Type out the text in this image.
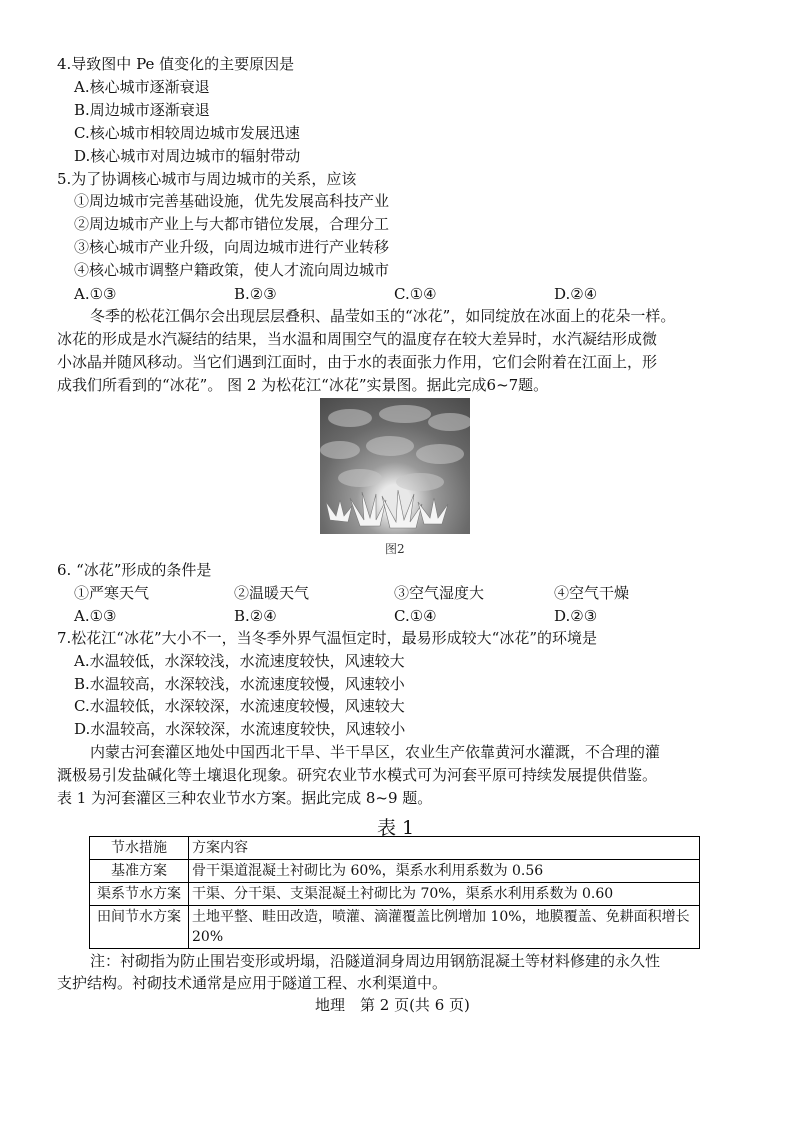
4.导致图中 Pe 值变化的主要原因是
A.核心城市逐渐衰退
B.周边城市逐渐衰退
C.核心城市相较周边城市发展迅速
D.核心城市对周边城市的辐射带动
5.为了协调核心城市与周边城市的关系，应该
①周边城市完善基础设施，优先发展高科技产业
②周边城市产业上与大都市错位发展，合理分工
③核心城市产业升级，向周边城市进行产业转移
④核心城市调整户籍政策，使人才流向周边城市
A.①③	B.②③	C.①④	D.②④
冬季的松花江偶尔会出现层层叠积、晶莹如玉的“冰花”，如同绽放在冰面上的花朵一样。
冰花的形成是水汽凝结的结果，当水温和周围空气的温度存在较大差异时，水汽凝结形成微
小冰晶并随风移动。当它们遇到江面时，由于水的表面张力作用，它们会附着在江面上，形
成我们所看到的“冰花”。 图 2 为松花江“冰花”实景图。据此完成6~7题。
图2
6. “冰花”形成的条件是
①严寒天气	②温暖天气	③空气湿度大	④空气干燥
A.①③	B.②④	C.①④	D.②③
7.松花江“冰花”大小不一，当冬季外界气温恒定时，最易形成较大“冰花”的环境是
A.水温较低，水深较浅，水流速度较快，风速较大
B.水温较高，水深较浅，水流速度较慢，风速较小
C.水温较低，水深较深，水流速度较慢，风速较大
D.水温较高，水深较深，水流速度较快，风速较小
内蒙古河套灌区地处中国西北干旱、半干旱区，农业生产依靠黄河水灌溉，不合理的灌
溉极易引发盐碱化等土壤退化现象。研究农业节水模式可为河套平原可持续发展提供借鉴。
表 1 为河套灌区三种农业节水方案。据此完成 8~9 题。
表 1
节水措施	方案内容
基准方案	骨干渠道混凝土衬砌比为 60%，渠系水利用系数为 0.56
渠系节水方案	干渠、分干渠、支渠混凝土衬砌比为 70%，渠系水利用系数为 0.60
田间节水方案	土地平整、畦田改造，喷灌、滴灌覆盖比例增加 10%，地膜覆盖、免耕面积增长 20%
注：衬砌指为防止围岩变形或坍塌，沿隧道洞身周边用钢筋混凝土等材料修建的永久性
支护结构。衬砌技术通常是应用于隧道工程、水利渠道中。
地理　第 2 页(共 6 页)
